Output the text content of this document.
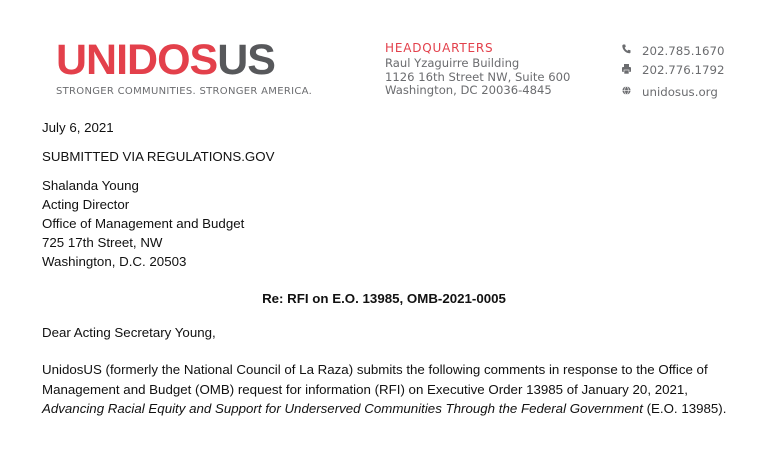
UNIDOSUS
STRONGER COMMUNITIES. STRONGER AMERICA.
HEADQUARTERS
Raul Yzaguirre Building
1126 16th Street NW, Suite 600
Washington, DC 20036-4845
202.785.1670
202.776.1792
unidosus.org
July 6, 2021
SUBMITTED VIA REGULATIONS.GOV
Shalanda Young
Acting Director
Office of Management and Budget
725 17th Street, NW
Washington, D.C. 20503
Re: RFI on E.O. 13985, OMB-2021-0005
Dear Acting Secretary Young,
UnidosUS (formerly the National Council of La Raza) submits the following comments in response to the Office of Management and Budget (OMB) request for information (RFI) on Executive Order 13985 of January 20, 2021, Advancing Racial Equity and Support for Underserved Communities Through the Federal Government (E.O. 13985).
